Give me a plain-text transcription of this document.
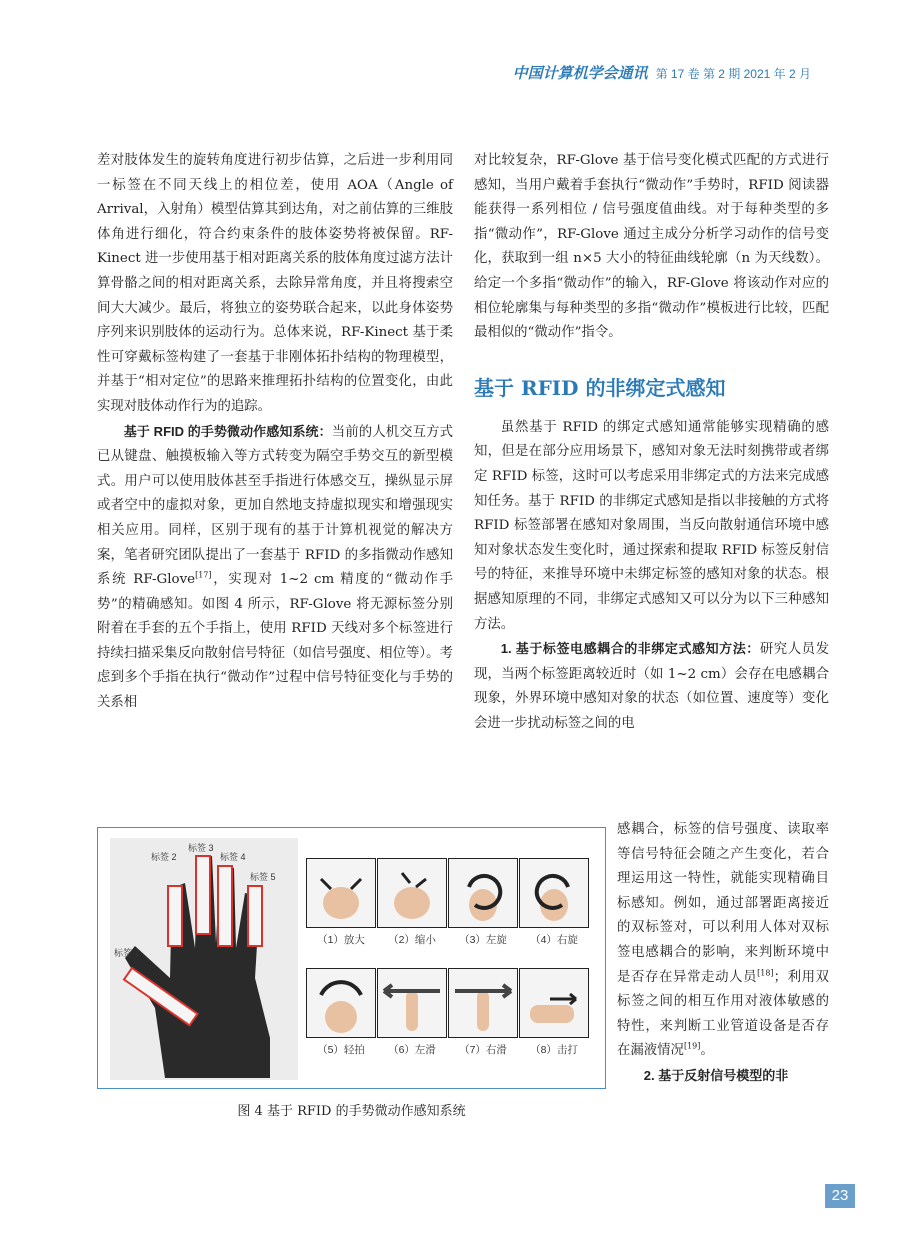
中国计算机学会通讯 第 17 卷 第 2 期 2021 年 2 月

差对肢体发生的旋转角度进行初步估算，之后进一步利用同一标签在不同天线上的相位差，使用 AOA（Angle of Arrival，入射角）模型估算其到达角，对之前估算的三维肢体角进行细化，符合约束条件的肢体姿势将被保留。RF-Kinect 进一步使用基于相对距离关系的肢体角度过滤方法计算骨骼之间的相对距离关系，去除异常角度，并且将搜索空间大大减少。最后，将独立的姿势联合起来，以此身体姿势序列来识别肢体的运动行为。总体来说，RF-Kinect 基于柔性可穿戴标签构建了一套基于非刚体拓扑结构的物理模型，并基于“相对定位”的思路来推理拓扑结构的位置变化，由此实现对肢体动作行为的追踪。

基于 RFID 的手势微动作感知系统：当前的人机交互方式已从键盘、触摸板输入等方式转变为隔空手势交互的新型模式。用户可以使用肢体甚至手指进行体感交互，操纵显示屏或者空中的虚拟对象，更加自然地支持虚拟现实和增强现实相关应用。同样，区别于现有的基于计算机视觉的解决方案，笔者研究团队提出了一套基于 RFID 的多指微动作感知系统 RF-Glove[17]，实现对 1~2 cm 精度的“微动作手势”的精确感知。如图 4 所示，RF-Glove 将无源标签分别附着在手套的五个手指上，使用 RFID 天线对多个标签进行持续扫描采集反向散射信号特征（如信号强度、相位等）。考虑到多个手指在执行“微动作”过程中信号特征变化与手势的关系相

对比较复杂，RF-Glove 基于信号变化模式匹配的方式进行感知，当用户戴着手套执行“微动作”手势时，RFID 阅读器能获得一系列相位 / 信号强度值曲线。对于每种类型的多指“微动作”，RF-Glove 通过主成分分析学习动作的信号变化，获取到一组 n×5 大小的特征曲线轮廓（n 为天线数）。给定一个多指“微动作”的输入，RF-Glove 将该动作对应的相位轮廓集与每种类型的多指“微动作”模板进行比较，匹配最相似的“微动作”指令。

基于 RFID 的非绑定式感知

虽然基于 RFID 的绑定式感知通常能够实现精确的感知，但是在部分应用场景下，感知对象无法时刻携带或者绑定 RFID 标签，这时可以考虑采用非绑定式的方法来完成感知任务。基于 RFID 的非绑定式感知是指以非接触的方式将 RFID 标签部署在感知对象周围，当反向散射通信环境中感知对象状态发生变化时，通过探索和提取 RFID 标签反射信号的特征，来推导环境中未绑定标签的感知对象的状态。根据感知原理的不同，非绑定式感知又可以分为以下三种感知方法。

1. 基于标签电感耦合的非绑定式感知方法：研究人员发现，当两个标签距离较近时（如 1~2 cm）会存在电感耦合现象，外界环境中感知对象的状态（如位置、速度等）变化会进一步扰动标签之间的电

感耦合，标签的信号强度、读取率等信号特征会随之产生变化，若合理运用这一特性，就能实现精确目标感知。例如，通过部署距离接近的双标签对，可以利用人体对双标签电感耦合的影响，来判断环境中是否存在异常走动人员[18]；利用双标签之间的相互作用对液体敏感的特性，来判断工业管道设备是否存在漏液情况[19]。

2. 基于反射信号模型的非

标签 2
标签 3
标签 4
标签 5
标签 1
（1）放大	（2）缩小	（3）左旋	（4）右旋
（5）轻拍	（6）左滑	（7）右滑	（8）击打
图 4 基于 RFID 的手势微动作感知系统
23
